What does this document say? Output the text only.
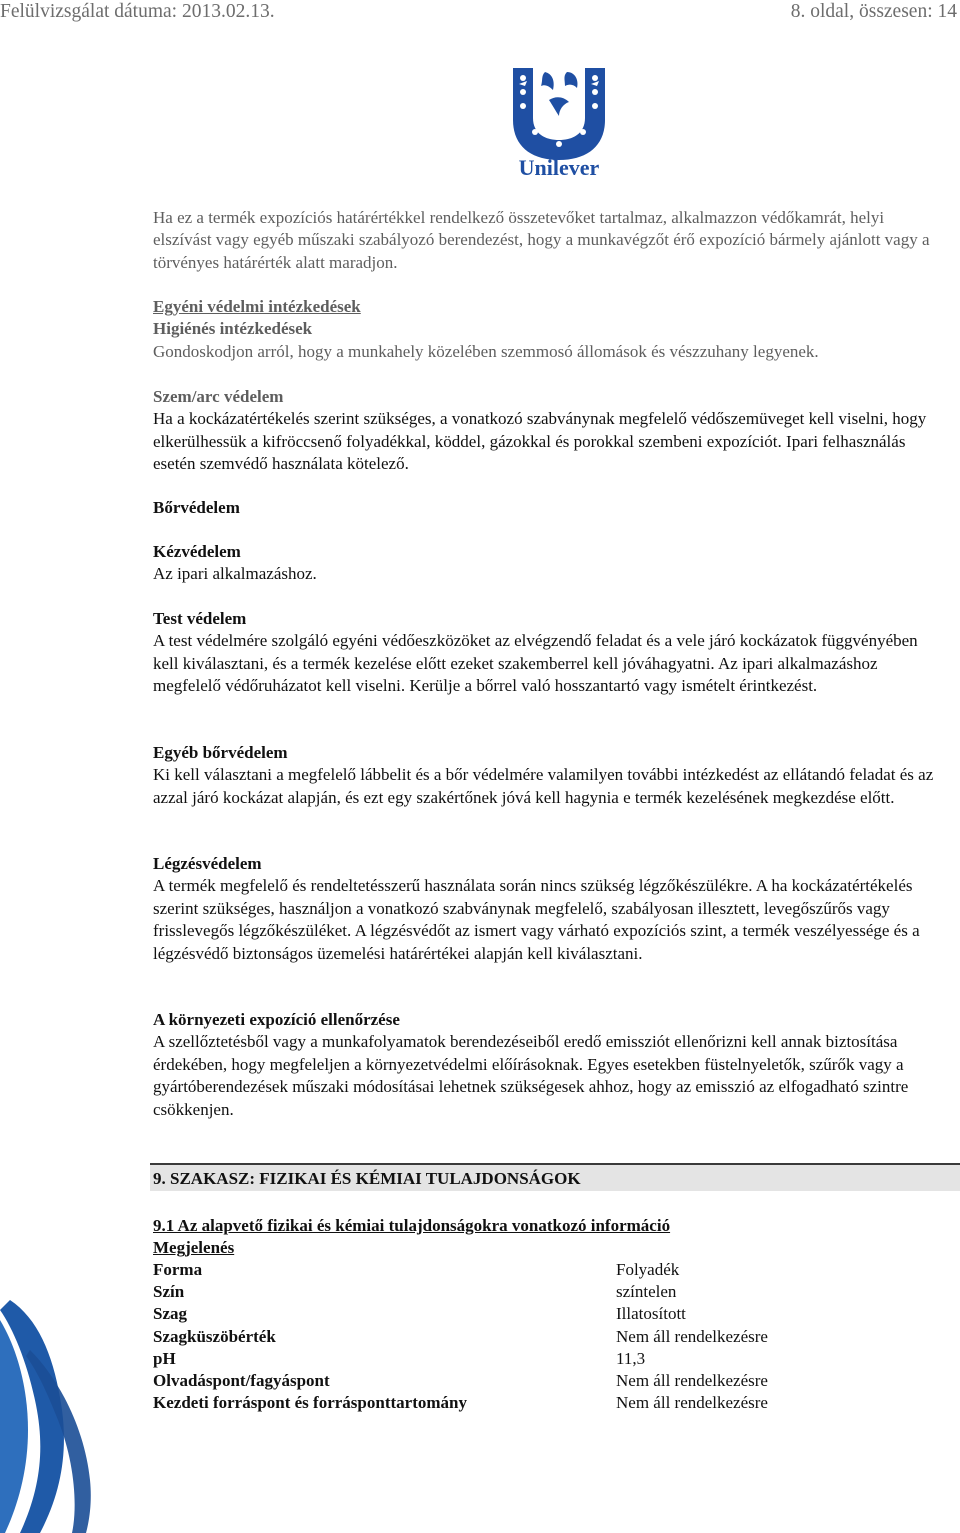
Felülvizsgálat dátuma: 2013.02.13.	8. oldal, összesen: 14
Unilever

Ha ez a termék expozíciós határértékkel rendelkező összetevőket tartalmaz, alkalmazzon védőkamrát, helyi elszívást vagy egyéb műszaki szabályozó berendezést, hogy a munkavégzőt érő expozíció bármely ajánlott vagy a törvényes határérték alatt maradjon.

Egyéni védelmi intézkedések

Higiénés intézkedések

Gondoskodjon arról, hogy a munkahely közelében szemmosó állomások és vészzuhany legyenek.

Szem/arc védelem

Ha a kockázatértékelés szerint szükséges, a vonatkozó szabványnak megfelelő védőszemüveget kell viselni, hogy elkerülhessük a kifröccsenő folyadékkal, köddel, gázokkal és porokkal szembeni expozíciót. Ipari felhasználás esetén szemvédő használata kötelező.

Bőrvédelem

Kézvédelem

Az ipari alkalmazáshoz.

Test védelem

A test védelmére szolgáló egyéni védőeszközöket az elvégzendő feladat és a vele járó kockázatok függvényében kell kiválasztani, és a termék kezelése előtt ezeket szakemberrel kell jóváhagyatni. Az ipari alkalmazáshoz megfelelő védőruházatot kell viselni. Kerülje a bőrrel való hosszantartó vagy ismételt érintkezést.

Egyéb bőrvédelem

Ki kell választani a megfelelő lábbelit és a bőr védelmére valamilyen további intézkedést az ellátandó feladat és az azzal járó kockázat alapján, és ezt egy szakértőnek jóvá kell hagynia e termék kezelésének megkezdése előtt.

Légzésvédelem

A termék megfelelő és rendeltetésszerű használata során nincs szükség légzőkészülékre. A ha kockázatértékelés szerint szükséges, használjon a vonatkozó szabványnak megfelelő, szabályosan illesztett, levegőszűrős vagy frisslevegős légzőkészüléket. A légzésvédőt az ismert vagy várható expozíciós szint, a termék veszélyessége és a légzésvédő biztonságos üzemelési határértékei alapján kell kiválasztani.

A környezeti expozíció ellenőrzése

A szellőztetésből vagy a munkafolyamatok berendezéseiből eredő emissziót ellenőrizni kell annak biztosítása érdekében, hogy megfeleljen a környezetvédelmi előírásoknak. Egyes esetekben füstelnyeletők, szűrők vagy a gyártóberendezések műszaki módosításai lehetnek szükségesek ahhoz, hogy az emisszió az elfogadható szintre csökkenjen.

9. SZAKASZ: FIZIKAI ÉS KÉMIAI TULAJDONSÁGOK

9.1 Az alapvető fizikai és kémiai tulajdonságokra vonatkozó információ

Megjelenés

Forma	Folyadék
Szín	színtelen
Szag	Illatosított
Szagküszöbérték	Nem áll rendelkezésre
pH	11,3
Olvadáspont/fagyáspont	Nem áll rendelkezésre
Kezdeti forráspont és forrásponttartomány	Nem áll rendelkezésre
